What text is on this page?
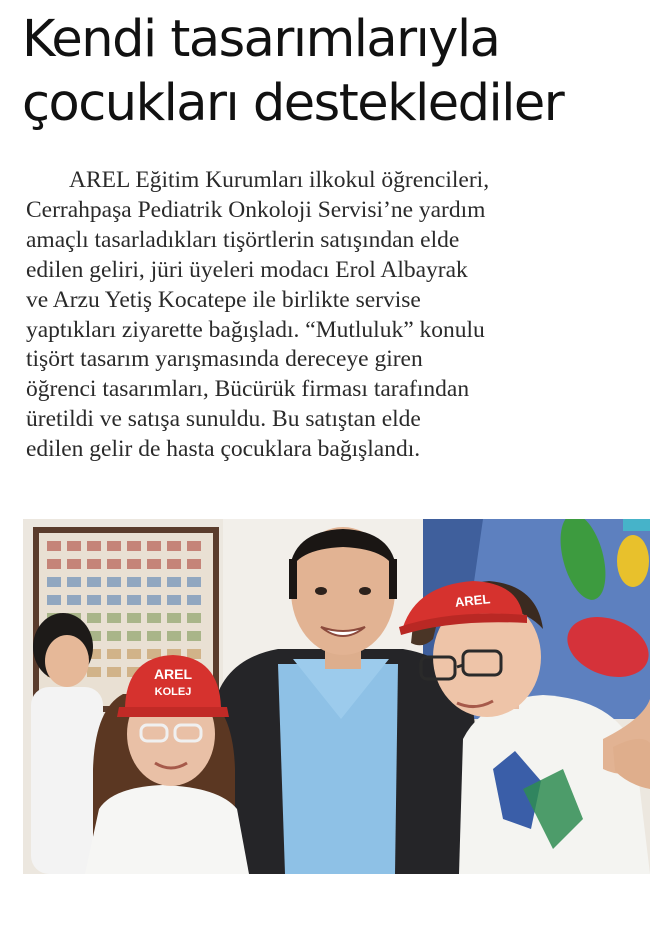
Kendi tasarımlarıyla
çocukları desteklediler
AREL Eğitim Kurumları ilkokul öğrencileri,
Cerrahpaşa Pediatrik Onkoloji Servisi’ne yardım
amaçlı tasarladıkları tişörtlerin satışından elde
edilen geliri, jüri üyeleri modacı Erol Albayrak
ve Arzu Yetiş Kocatepe ile birlikte servise
yaptıkları ziyarette bağışladı. “Mutluluk” konulu
tişört tasarım yarışmasında dereceye giren
öğrenci tasarımları, Bücürük firması tarafından
üretildi ve satışa sunuldu. Bu satıştan elde
edilen gelir de hasta çocuklara bağışlandı.
AREL
KOLEJ
AREL
